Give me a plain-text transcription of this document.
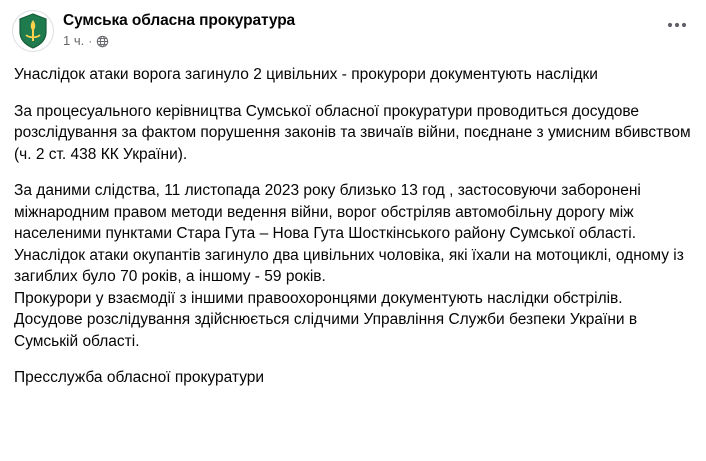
Сумська обласна прокуратура
1 ч. ·
Унаслідок атаки ворога загинуло 2 цивільних - прокурори документують наслідки
За процесуального керівництва Сумської обласної прокуратури проводиться досудове розслідування за фактом порушення законів та звичаїв війни, поєднане з умисним вбивством (ч. 2 ст. 438 КК України).
За даними слідства, 11 листопада 2023 року близько 13 год , застосовуючи заборонені міжнародним правом методи ведення війни, ворог обстріляв автомобільну дорогу між населеними пунктами Стара Гута – Нова Гута Шосткінського району Сумської області. Унаслідок атаки окупантів загинуло два цивільних чоловіка, які їхали на мотоциклі, одному із загиблих було 70 років, а іншому - 59 років.
Прокурори у взаємодії з іншими правоохоронцями документують наслідки обстрілів. Досудове розслідування здійснюється слідчими Управління Служби безпеки України в Сумській області.
Пресслужба обласної прокуратури
